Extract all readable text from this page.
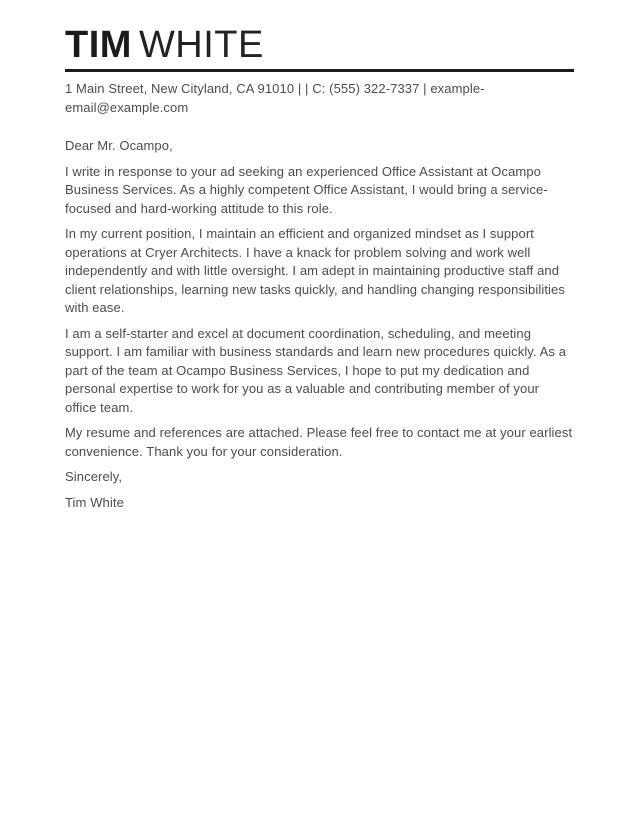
TIM WHITE
1 Main Street, New Cityland, CA 91010 | | C: (555) 322-7337 | example-
email@example.com

Dear Mr. Ocampo,

I write in response to your ad seeking an experienced Office Assistant at Ocampo Business Services. As a highly competent Office Assistant, I would bring a service-focused and hard-working attitude to this role.

In my current position, I maintain an efficient and organized mindset as I support operations at Cryer Architects. I have a knack for problem solving and work well independently and with little oversight. I am adept in maintaining productive staff and client relationships, learning new tasks quickly, and handling changing responsibilities with ease.

I am a self-starter and excel at document coordination, scheduling, and meeting support. I am familiar with business standards and learn new procedures quickly. As a part of the team at Ocampo Business Services, I hope to put my dedication and personal expertise to work for you as a valuable and contributing member of your office team.

My resume and references are attached. Please feel free to contact me at your earliest convenience. Thank you for your consideration.

Sincerely,

Tim White
